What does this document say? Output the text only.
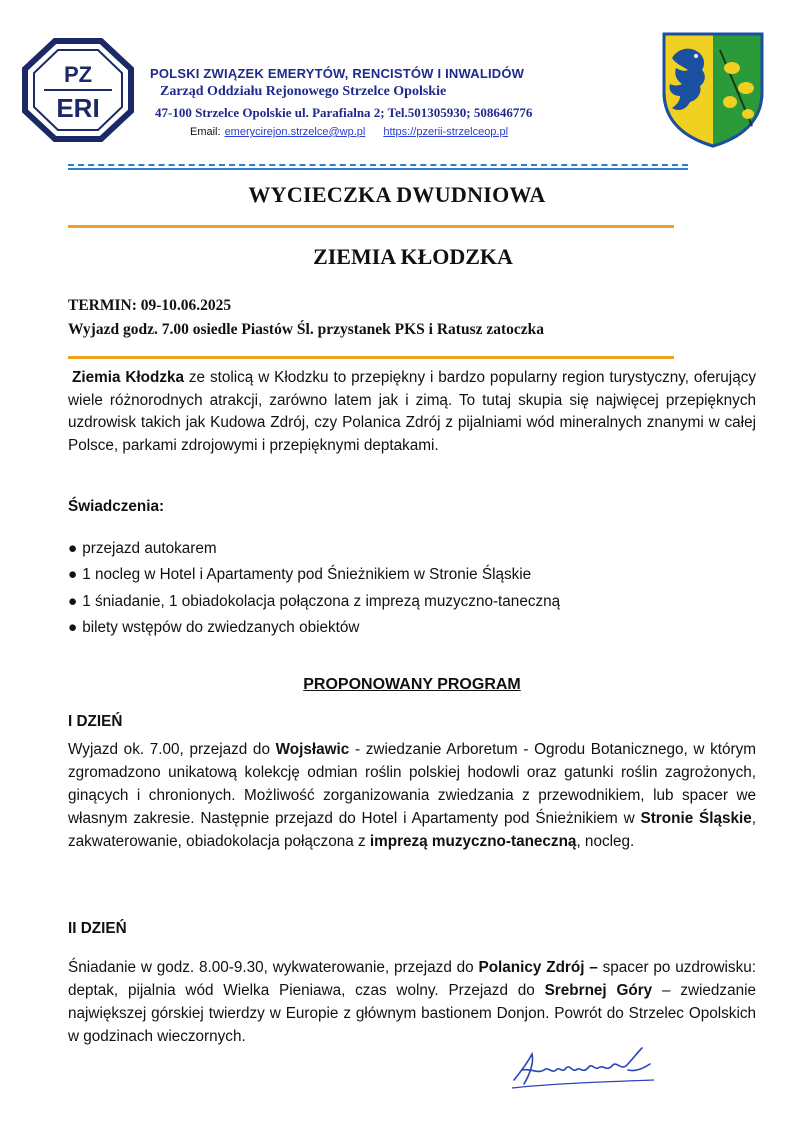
PZ
ERI
POLSKI ZWIĄZEK EMERYTÓW, RENCISTÓW I INWALIDÓW
Zarząd Oddziału Rejonowego Strzelce Opolskie
47-100 Strzelce Opolskie ul. Parafialna 2; Tel.501305930; 508646776
Email: emerycirejon.strzelce@wp.pl https://pzerii-strzelceop.pl
WYCIECZKA DWUDNIOWA
ZIEMIA KŁODZKA
TERMIN: 09-10.06.2025
Wyjazd godz. 7.00 osiedle Piastów Śl. przystanek PKS i Ratusz zatoczka
Ziemia Kłodzka ze stolicą w Kłodzku to przepiękny i bardzo popularny region turystyczny, oferujący wiele różnorodnych atrakcji, zarówno latem jak i zimą. To tutaj skupia się najwięcej przepięknych uzdrowisk takich jak Kudowa Zdrój, czy Polanica Zdrój z pijalniami wód mineralnych znanymi w całej Polsce, parkami zdrojowymi i przepięknymi deptakami.
Świadczenia:
● przejazd autokarem
● 1 nocleg w Hotel i Apartamenty pod Śnieżnikiem w Stronie Śląskie
● 1 śniadanie, 1 obiadokolacja połączona z imprezą muzyczno-taneczną
● bilety wstępów do zwiedzanych obiektów
PROPONOWANY PROGRAM
I DZIEŃ
Wyjazd ok. 7.00, przejazd do Wojsławic - zwiedzanie Arboretum - Ogrodu Botanicznego, w którym zgromadzono unikatową kolekcję odmian roślin polskiej hodowli oraz gatunki roślin zagrożonych, ginących i chronionych. Możliwość zorganizowania zwiedzania z przewodnikiem, lub spacer we własnym zakresie. Następnie przejazd do Hotel i Apartamenty pod Śnieżnikiem w Stronie Śląskie, zakwaterowanie, obiadokolacja połączona z imprezą muzyczno-taneczną, nocleg.
II DZIEŃ
Śniadanie w godz. 8.00-9.30, wykwaterowanie, przejazd do Polanicy Zdrój – spacer po uzdrowisku: deptak, pijalnia wód Wielka Pieniawa, czas wolny. Przejazd do Srebrnej Góry – zwiedzanie największej górskiej twierdzy w Europie z głównym bastionem Donjon. Powrót do Strzelec Opolskich w godzinach wieczornych.
